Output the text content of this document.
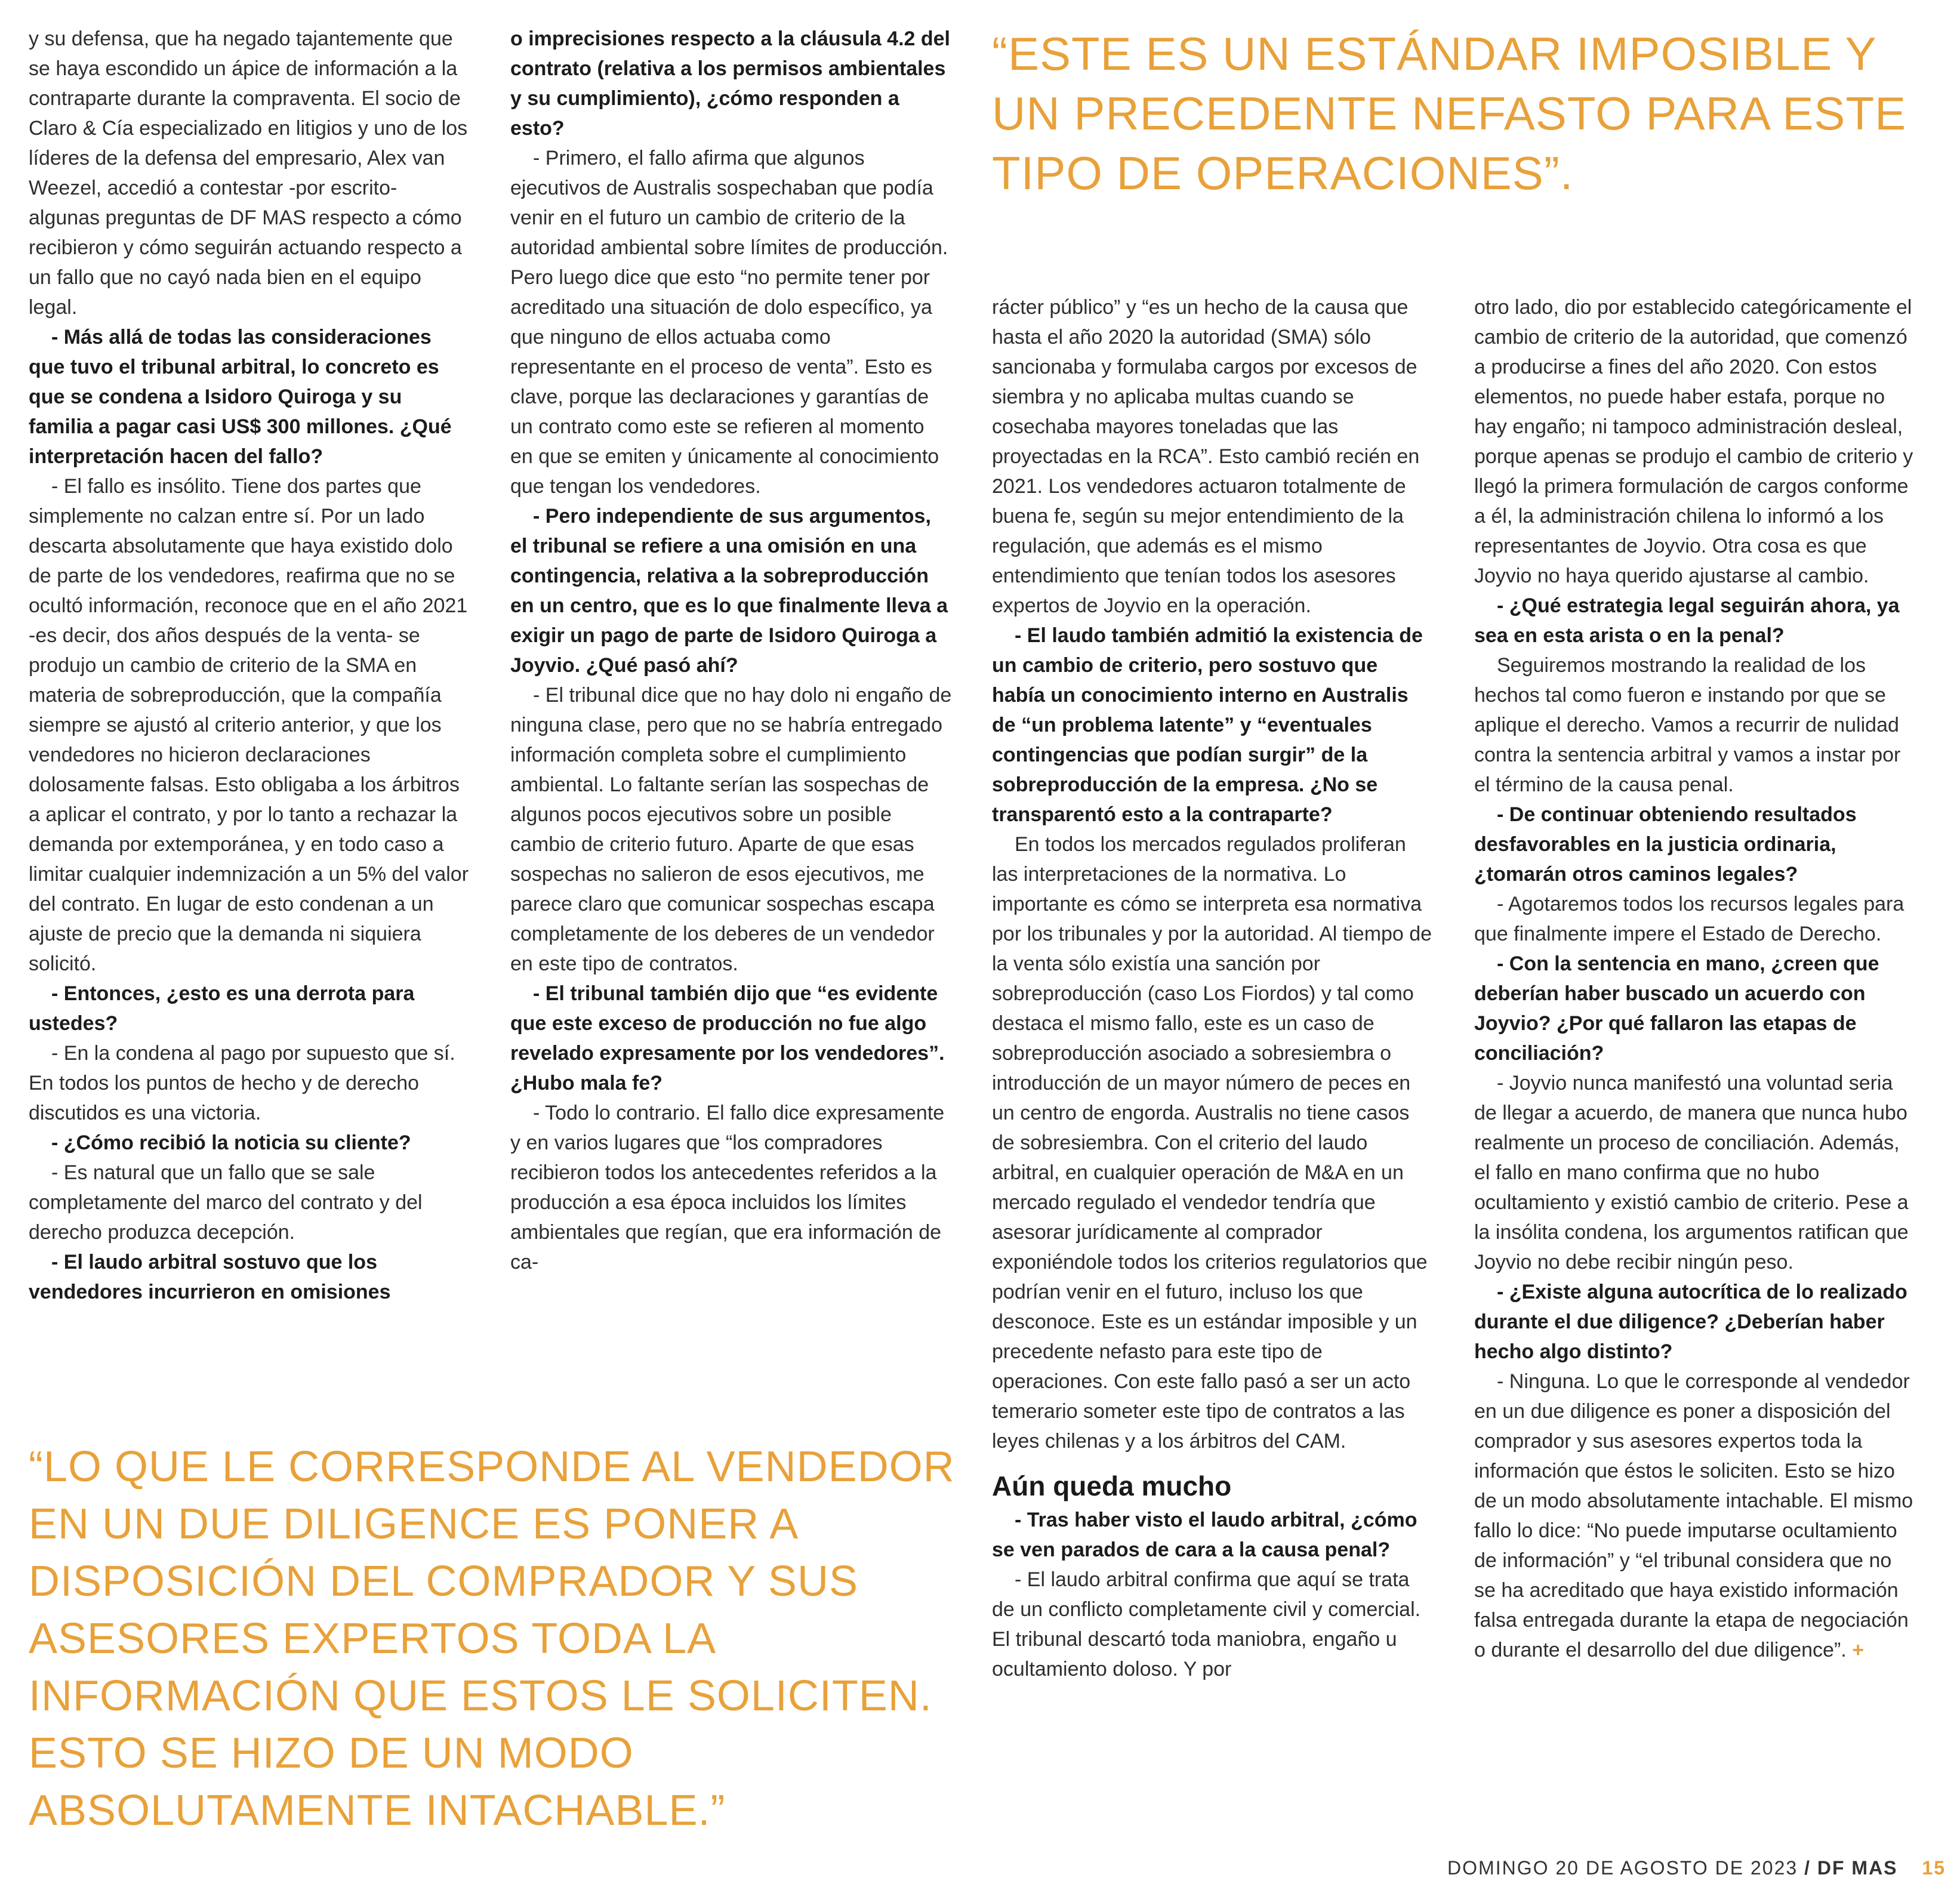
“ESTE ES UN ESTÁNDAR IMPOSIBLE Y UN PRECEDENTE NEFASTO PARA ESTE TIPO DE OPERACIONES”.

y su defensa, que ha negado tajantemente que se haya escondido un ápice de información a la contraparte durante la compraventa. El socio de Claro & Cía especializado en litigios y uno de los líderes de la defensa del empresario, Alex van Weezel, accedió a contestar -por escrito- algunas preguntas de DF MAS respecto a cómo recibieron y cómo seguirán actuando respecto a un fallo que no cayó nada bien en el equipo legal.

- Más allá de todas las consideraciones que tuvo el tribunal arbitral, lo concreto es que se condena a Isidoro Quiroga y su familia a pagar casi US$ 300 millones. ¿Qué interpretación hacen del fallo?

- El fallo es insólito. Tiene dos partes que simplemente no calzan entre sí. Por un lado descarta absolutamente que haya existido dolo de parte de los vendedores, reafirma que no se ocultó información, reconoce que en el año 2021 -es decir, dos años después de la venta- se produjo un cambio de criterio de la SMA en materia de sobreproducción, que la compañía siempre se ajustó al criterio anterior, y que los vendedores no hicieron declaraciones dolosamente falsas. Esto obligaba a los árbitros a aplicar el contrato, y por lo tanto a rechazar la demanda por extemporánea, y en todo caso a limitar cualquier indemnización a un 5% del valor del contrato. En lugar de esto condenan a un ajuste de precio que la demanda ni siquiera solicitó.

- Entonces, ¿esto es una derrota para ustedes?

- En la condena al pago por supuesto que sí. En todos los puntos de hecho y de derecho discutidos es una victoria.

- ¿Cómo recibió la noticia su cliente?

- Es natural que un fallo que se sale completamente del marco del contrato y del derecho produzca decepción.

- El laudo arbitral sostuvo que los vendedores incurrieron en omisiones

o imprecisiones respecto a la cláusula 4.2 del contrato (relativa a los permisos ambientales y su cumplimiento), ¿cómo responden a esto?

- Primero, el fallo afirma que algunos ejecutivos de Australis sospechaban que podía venir en el futuro un cambio de criterio de la autoridad ambiental sobre límites de producción. Pero luego dice que esto “no permite tener por acreditado una situación de dolo específico, ya que ninguno de ellos actuaba como representante en el proceso de venta”. Esto es clave, porque las declaraciones y garantías de un contrato como este se refieren al momento en que se emiten y únicamente al conocimiento que tengan los vendedores.

- Pero independiente de sus argumentos, el tribunal se refiere a una omisión en una contingencia, relativa a la sobreproducción en un centro, que es lo que finalmente lleva a exigir un pago de parte de Isidoro Quiroga a Joyvio. ¿Qué pasó ahí?

- El tribunal dice que no hay dolo ni engaño de ninguna clase, pero que no se habría entregado información completa sobre el cumplimiento ambiental. Lo faltante serían las sospechas de algunos pocos ejecutivos sobre un posible cambio de criterio futuro. Aparte de que esas sospechas no salieron de esos ejecutivos, me parece claro que comunicar sospechas escapa completamente de los deberes de un vendedor en este tipo de contratos.

- El tribunal también dijo que “es evidente que este exceso de producción no fue algo revelado expresamente por los vendedores”. ¿Hubo mala fe?

- Todo lo contrario. El fallo dice expresamente y en varios lugares que “los compradores recibieron todos los antecedentes referidos a la producción a esa época incluidos los límites ambientales que regían, que era información de ca-

rácter público” y “es un hecho de la causa que hasta el año 2020 la autoridad (SMA) sólo sancionaba y formulaba cargos por excesos de siembra y no aplicaba multas cuando se cosechaba mayores toneladas que las proyectadas en la RCA”. Esto cambió recién en 2021. Los vendedores actuaron totalmente de buena fe, según su mejor entendimiento de la regulación, que además es el mismo entendimiento que tenían todos los asesores expertos de Joyvio en la operación.

- El laudo también admitió la existencia de un cambio de criterio, pero sostuvo que había un conocimiento interno en Australis de “un problema latente” y “eventuales contingencias que podían surgir” de la sobreproducción de la empresa. ¿No se transparentó esto a la contraparte?

En todos los mercados regulados proliferan las interpretaciones de la normativa. Lo importante es cómo se interpreta esa normativa por los tribunales y por la autoridad. Al tiempo de la venta sólo existía una sanción por sobreproducción (caso Los Fiordos) y tal como destaca el mismo fallo, este es un caso de sobreproducción asociado a sobresiembra o introducción de un mayor número de peces en un centro de engorda. Australis no tiene casos de sobresiembra. Con el criterio del laudo arbitral, en cualquier operación de M&A en un mercado regulado el vendedor tendría que asesorar jurídicamente al comprador exponiéndole todos los criterios regulatorios que podrían venir en el futuro, incluso los que desconoce. Este es un estándar imposible y un precedente nefasto para este tipo de operaciones. Con este fallo pasó a ser un acto temerario someter este tipo de contratos a las leyes chilenas y a los árbitros del CAM.

Aún queda mucho

- Tras haber visto el laudo arbitral, ¿cómo se ven parados de cara a la causa penal?

- El laudo arbitral confirma que aquí se trata de un conflicto completamente civil y comercial. El tribunal descartó toda maniobra, engaño u ocultamiento doloso. Y por

otro lado, dio por establecido categóricamente el cambio de criterio de la autoridad, que comenzó a producirse a fines del año 2020. Con estos elementos, no puede haber estafa, porque no hay engaño; ni tampoco administración desleal, porque apenas se produjo el cambio de criterio y llegó la primera formulación de cargos conforme a él, la administración chilena lo informó a los representantes de Joyvio. Otra cosa es que Joyvio no haya querido ajustarse al cambio.

- ¿Qué estrategia legal seguirán ahora, ya sea en esta arista o en la penal?

Seguiremos mostrando la realidad de los hechos tal como fueron e instando por que se aplique el derecho. Vamos a recurrir de nulidad contra la sentencia arbitral y vamos a instar por el término de la causa penal.

- De continuar obteniendo resultados desfavorables en la justicia ordinaria, ¿tomarán otros caminos legales?

- Agotaremos todos los recursos legales para que finalmente impere el Estado de Derecho.

- Con la sentencia en mano, ¿creen que deberían haber buscado un acuerdo con Joyvio? ¿Por qué fallaron las etapas de conciliación?

- Joyvio nunca manifestó una voluntad seria de llegar a acuerdo, de manera que nunca hubo realmente un proceso de conciliación. Además, el fallo en mano confirma que no hubo ocultamiento y existió cambio de criterio. Pese a la insólita condena, los argumentos ratifican que Joyvio no debe recibir ningún peso.

- ¿Existe alguna autocrítica de lo realizado durante el due diligence? ¿Deberían haber hecho algo distinto?

- Ninguna. Lo que le corresponde al vendedor en un due diligence es poner a disposición del comprador y sus asesores expertos toda la información que éstos le soliciten. Esto se hizo de un modo absolutamente intachable. El mismo fallo lo dice: “No puede imputarse ocultamiento de información” y “el tribunal considera que no se ha acreditado que haya existido información falsa entregada durante la etapa de negociación o durante el desarrollo del due diligence”. +

“LO QUE LE CORRESPONDE AL VENDEDOR EN UN DUE DILIGENCE ES PONER A DISPOSICIÓN DEL COMPRADOR Y SUS ASESORES EXPERTOS TODA LA INFORMACIÓN QUE ESTOS LE SOLICITEN. ESTO SE HIZO DE UN MODO ABSOLUTAMENTE INTACHABLE.”
DOMINGO 20 DE AGOSTO DE 2023 / DF MAS 15
